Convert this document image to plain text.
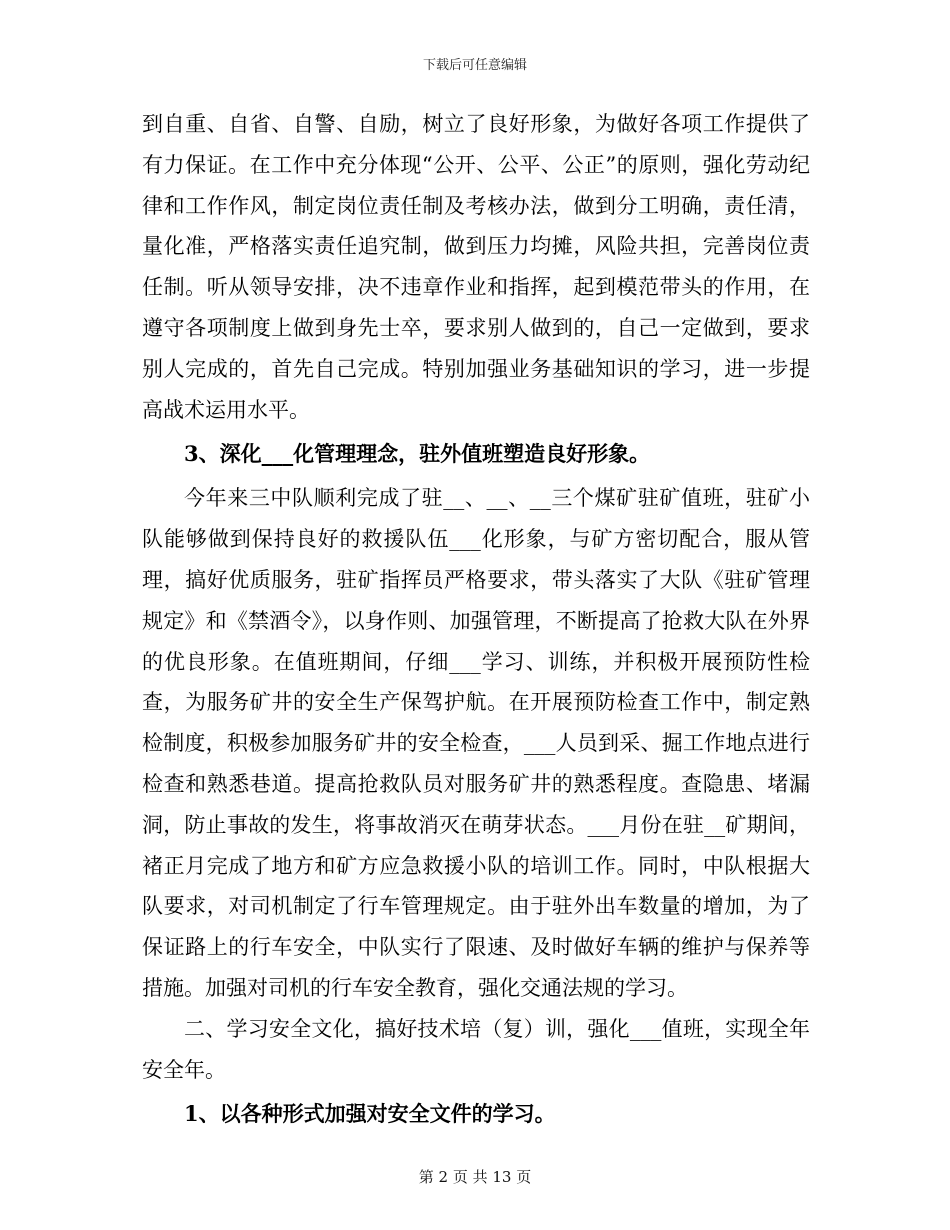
下载后可任意编辑

到自重、自省、自警、自励，树立了良好形象，为做好各项工作提供了有力保证。在工作中充分体现“公开、公平、公正”的原则，强化劳动纪律和工作作风，制定岗位责任制及考核办法，做到分工明确，责任清，量化准，严格落实责任追究制，做到压力均摊，风险共担，完善岗位责任制。听从领导安排，决不违章作业和指挥，起到模范带头的作用，在遵守各项制度上做到身先士卒，要求别人做到的，自己一定做到，要求别人完成的，首先自己完成。特别加强业务基础知识的学习，进一步提高战术运用水平。

3、深化___化管理理念，驻外值班塑造良好形象。

今年来三中队顺利完成了驻__、__、__三个煤矿驻矿值班，驻矿小队能够做到保持良好的救援队伍___化形象，与矿方密切配合，服从管理，搞好优质服务，驻矿指挥员严格要求，带头落实了大队《驻矿管理规定》和《禁酒令》，以身作则、加强管理，不断提高了抢救大队在外界的优良形象。在值班期间，仔细___学习、训练，并积极开展预防性检查，为服务矿井的安全生产保驾护航。在开展预防检查工作中，制定熟检制度，积极参加服务矿井的安全检查，___人员到采、掘工作地点进行检查和熟悉巷道。提高抢救队员对服务矿井的熟悉程度。查隐患、堵漏洞，防止事故的发生，将事故消灭在萌芽状态。___月份在驻__矿期间，褚正月完成了地方和矿方应急救援小队的培训工作。同时，中队根据大队要求，对司机制定了行车管理规定。由于驻外出车数量的增加，为了保证路上的行车安全，中队实行了限速、及时做好车辆的维护与保养等措施。加强对司机的行车安全教育，强化交通法规的学习。

二、学习安全文化，搞好技术培（复）训，强化___值班，实现全年安全年。

1、以各种形式加强对安全文件的学习。

第 2 页 共 13 页
